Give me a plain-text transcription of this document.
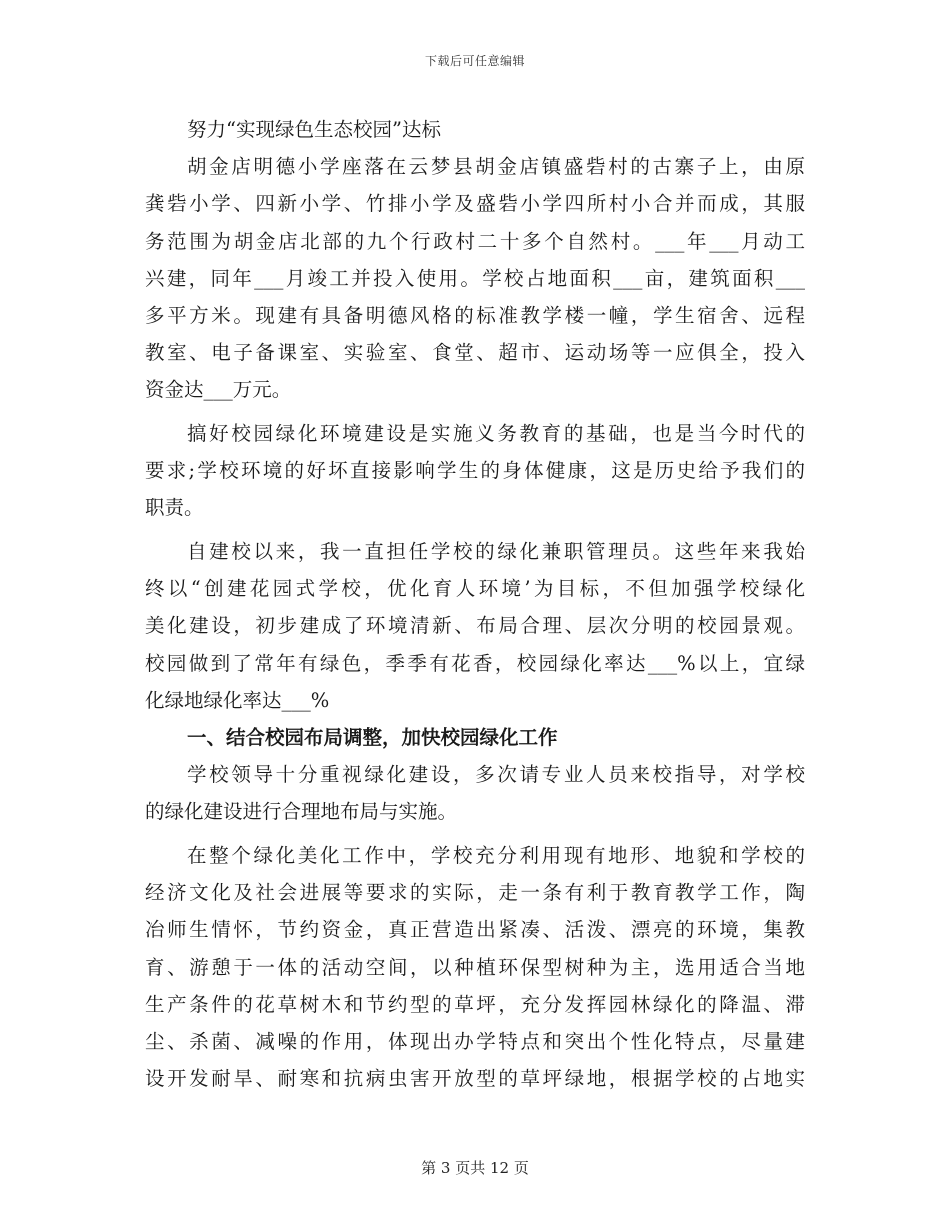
下载后可任意编辑
努力“实现绿色生态校园”达标
胡金店明德小学座落在云梦县胡金店镇盛砦村的古寨子上，由原
龚砦小学、四新小学、竹排小学及盛砦小学四所村小合并而成，其服
务范围为胡金店北部的九个行政村二十多个自然村。___年___月动工
兴建，同年___月竣工并投入使用。学校占地面积___亩，建筑面积___
多平方米。现建有具备明德风格的标准教学楼一幢，学生宿舍、远程
教室、电子备课室、实验室、食堂、超市、运动场等一应俱全，投入
资金达___万元。
搞好校园绿化环境建设是实施义务教育的基础，也是当今时代的
要求;学校环境的好坏直接影响学生的身体健康，这是历史给予我们的
职责。
自建校以来，我一直担任学校的绿化兼职管理员。这些年来我始
终以“创建花园式学校，优化育人环境’为目标，不但加强学校绿化
美化建设，初步建成了环境清新、布局合理、层次分明的校园景观。
校园做到了常年有绿色，季季有花香，校园绿化率达___%以上，宜绿
化绿地绿化率达___%
一、结合校园布局调整，加快校园绿化工作
学校领导十分重视绿化建设，多次请专业人员来校指导，对学校
的绿化建设进行合理地布局与实施。
在整个绿化美化工作中，学校充分利用现有地形、地貌和学校的
经济文化及社会进展等要求的实际，走一条有利于教育教学工作，陶
冶师生情怀，节约资金，真正营造出紧凑、活泼、漂亮的环境，集教
育、游憩于一体的活动空间，以种植环保型树种为主，选用适合当地
生产条件的花草树木和节约型的草坪，充分发挥园林绿化的降温、滞
尘、杀菌、减噪的作用，体现出办学特点和突出个性化特点，尽量建
设开发耐旱、耐寒和抗病虫害开放型的草坪绿地，根据学校的占地实
第 3 页共 12 页
